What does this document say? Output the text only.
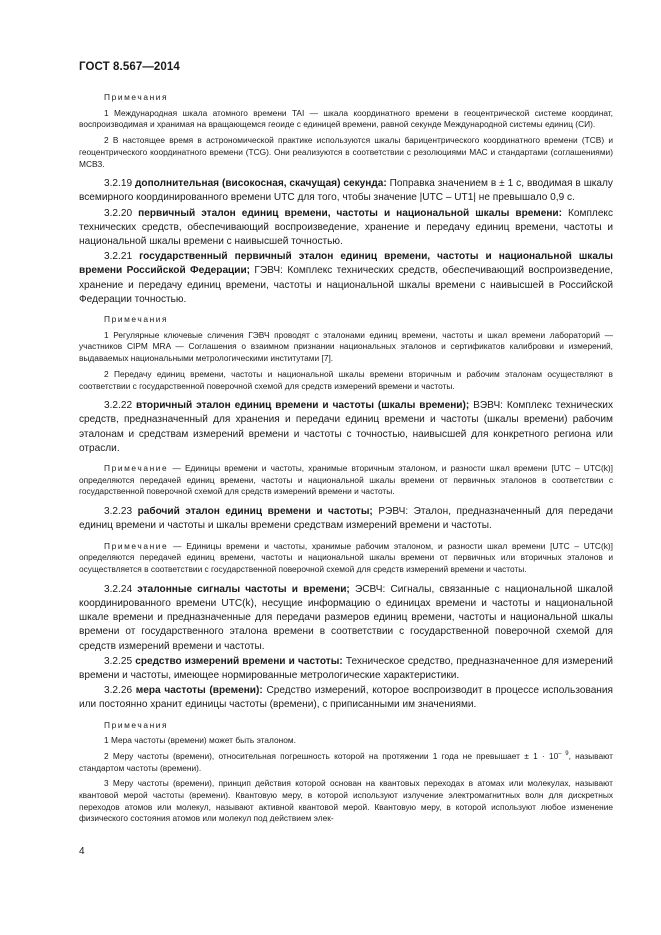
ГОСТ 8.567—2014
Примечания

1 Международная шкала атомного времени TAI — шкала координатного времени в геоцентрической системе координат, воспроизводимая и хранимая на вращающемся геоиде с единицей времени, равной секунде Международной системы единиц (СИ).

2 В настоящее время в астрономической практике используются шкалы барицентрического координатного времени (TCB) и геоцентрического координатного времени (TCG). Они реализуются в соответствии с резолюциями МАС и стандартами (соглашениями) МСВЗ.

3.2.19 дополнительная (високосная, скачущая) секунда: Поправка значением в ± 1 с, вводимая в шкалу всемирного координированного времени UTC для того, чтобы значение |UTC – UT1| не превышало 0,9 с.

3.2.20 первичный эталон единиц времени, частоты и национальной шкалы времени: Комплекс технических средств, обеспечивающий воспроизведение, хранение и передачу единиц времени, частоты и национальной шкалы времени с наивысшей точностью.

3.2.21 государственный первичный эталон единиц времени, частоты и национальной шкалы времени Российской Федерации; ГЭВЧ: Комплекс технических средств, обеспечивающий воспроизведение, хранение и передачу единиц времени, частоты и национальной шкалы времени с наивысшей в Российской Федерации точностью.

Примечания

1 Регулярные ключевые сличения ГЭВЧ проводят с эталонами единиц времени, частоты и шкал времени лабораторий — участников CIPM MRA — Соглашения о взаимном признании национальных эталонов и сертификатов калибровки и измерений, выдаваемых национальными метрологическими институтами [7].

2 Передачу единиц времени, частоты и национальной шкалы времени вторичным и рабочим эталонам осуществляют в соответствии с государственной поверочной схемой для средств измерений времени и частоты.

3.2.22 вторичный эталон единиц времени и частоты (шкалы времени); ВЭВЧ: Комплекс технических средств, предназначенный для хранения и передачи единиц времени и частоты (шкалы времени) рабочим эталонам и средствам измерений времени и частоты с точностью, наивысшей для конкретного региона или отрасли.

Примечание — Единицы времени и частоты, хранимые вторичным эталоном, и разности шкал времени [UTC – UTC(k)] определяются передачей единиц времени, частоты и национальной шкалы времени от первичных эталонов в соответствии с государственной поверочной схемой для средств измерений времени и частоты.

3.2.23 рабочий эталон единиц времени и частоты; РЭВЧ: Эталон, предназначенный для передачи единиц времени и частоты и шкалы времени средствам измерений времени и частоты.

Примечание — Единицы времени и частоты, хранимые рабочим эталоном, и разности шкал времени [UTC – UTC(k)] определяются передачей единиц времени, частоты и национальной шкалы времени от первичных или вторичных эталонов и осуществляется в соответствии с государственной поверочной схемой для средств измерений времени и частоты.

3.2.24 эталонные сигналы частоты и времени; ЭСВЧ: Сигналы, связанные с национальной шкалой координированного времени UTC(k), несущие информацию о единицах времени и частоты и национальной шкале времени и предназначенные для передачи размеров единиц времени, частоты и национальной шкалы времени от государственного эталона времени в соответствии с государственной поверочной схемой для средств измерений времени и частоты.

3.2.25 средство измерений времени и частоты: Техническое средство, предназначенное для измерений времени и частоты, имеющее нормированные метрологические характеристики.

3.2.26 мера частоты (времени): Средство измерений, которое воспроизводит в процессе использования или постоянно хранит единицы частоты (времени), с приписанными им значениями.

Примечания

1 Мера частоты (времени) может быть эталоном.

2 Меру частоты (времени), относительная погрешность которой на протяжении 1 года не превышает ± $1 \cdot 10^{- 9}$, называют стандартом частоты (времени).

3 Меру частоты (времени), принцип действия которой основан на квантовых переходах в атомах или молекулах, называют квантовой мерой частоты (времени). Квантовую меру, в которой используют излучение электромагнитных волн для дискретных переходов атомов или молекул, называют активной квантовой мерой. Квантовую меру, в которой используют любое изменение физического состояния атомов или молекул под действием элек-

4
